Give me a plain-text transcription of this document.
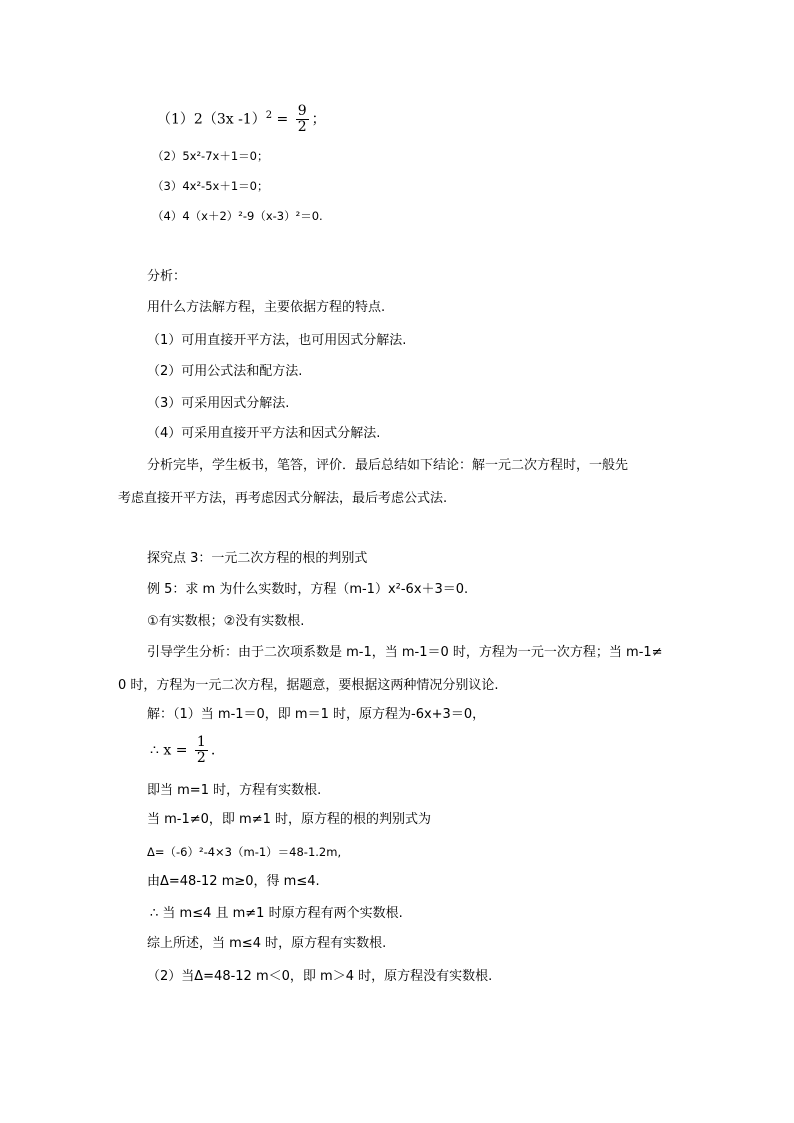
（1）2（3x $-1)^2 = \frac{9}{2}$ ；
（2）5x²-7x＋1＝0；
（3）4x²-5x＋1＝0；
（4）4（x＋2）²-9（x-3）²＝0.
分析：
用什么方法解方程，主要依据方程的特点.
（1）可用直接开平方法，也可用因式分解法.
（2）可用公式法和配方法.
（3）可采用因式分解法.
（4）可采用直接开平方法和因式分解法.
分析完毕，学生板书，笔答，评价．最后总结如下结论：解一元二次方程时，一般先
考虑直接开平方法，再考虑因式分解法，最后考虑公式法.
探究点 3：一元二次方程的根的判别式
例 5：求 m 为什么实数时，方程（m-1）x²-6x＋3＝0.
①有实数根；②没有实数根.
引导学生分析：由于二次项系数是 m-1，当 m-1＝0 时，方程为一元一次方程；当 m-1≠
0 时，方程为一元二次方程，据题意，要根据这两种情况分别议论.
解：（1）当 m-1＝0，即 m＝1 时，原方程为-6x+3＝0，
∴ $x = \frac{1}{2}$ .
即当 m=1 时，方程有实数根.
当 m-1≠0，即 m≠1 时，原方程的根的判别式为
Δ=（-6）²-4×3（m-1）＝48-1.2m,
由Δ=48-12 m≥0，得 m≤4.
∴ 当 m≤4 且 m≠1 时原方程有两个实数根.
综上所述，当 m≤4 时，原方程有实数根.
（2）当Δ=48-12 m＜0，即 m＞4 时，原方程没有实数根.
